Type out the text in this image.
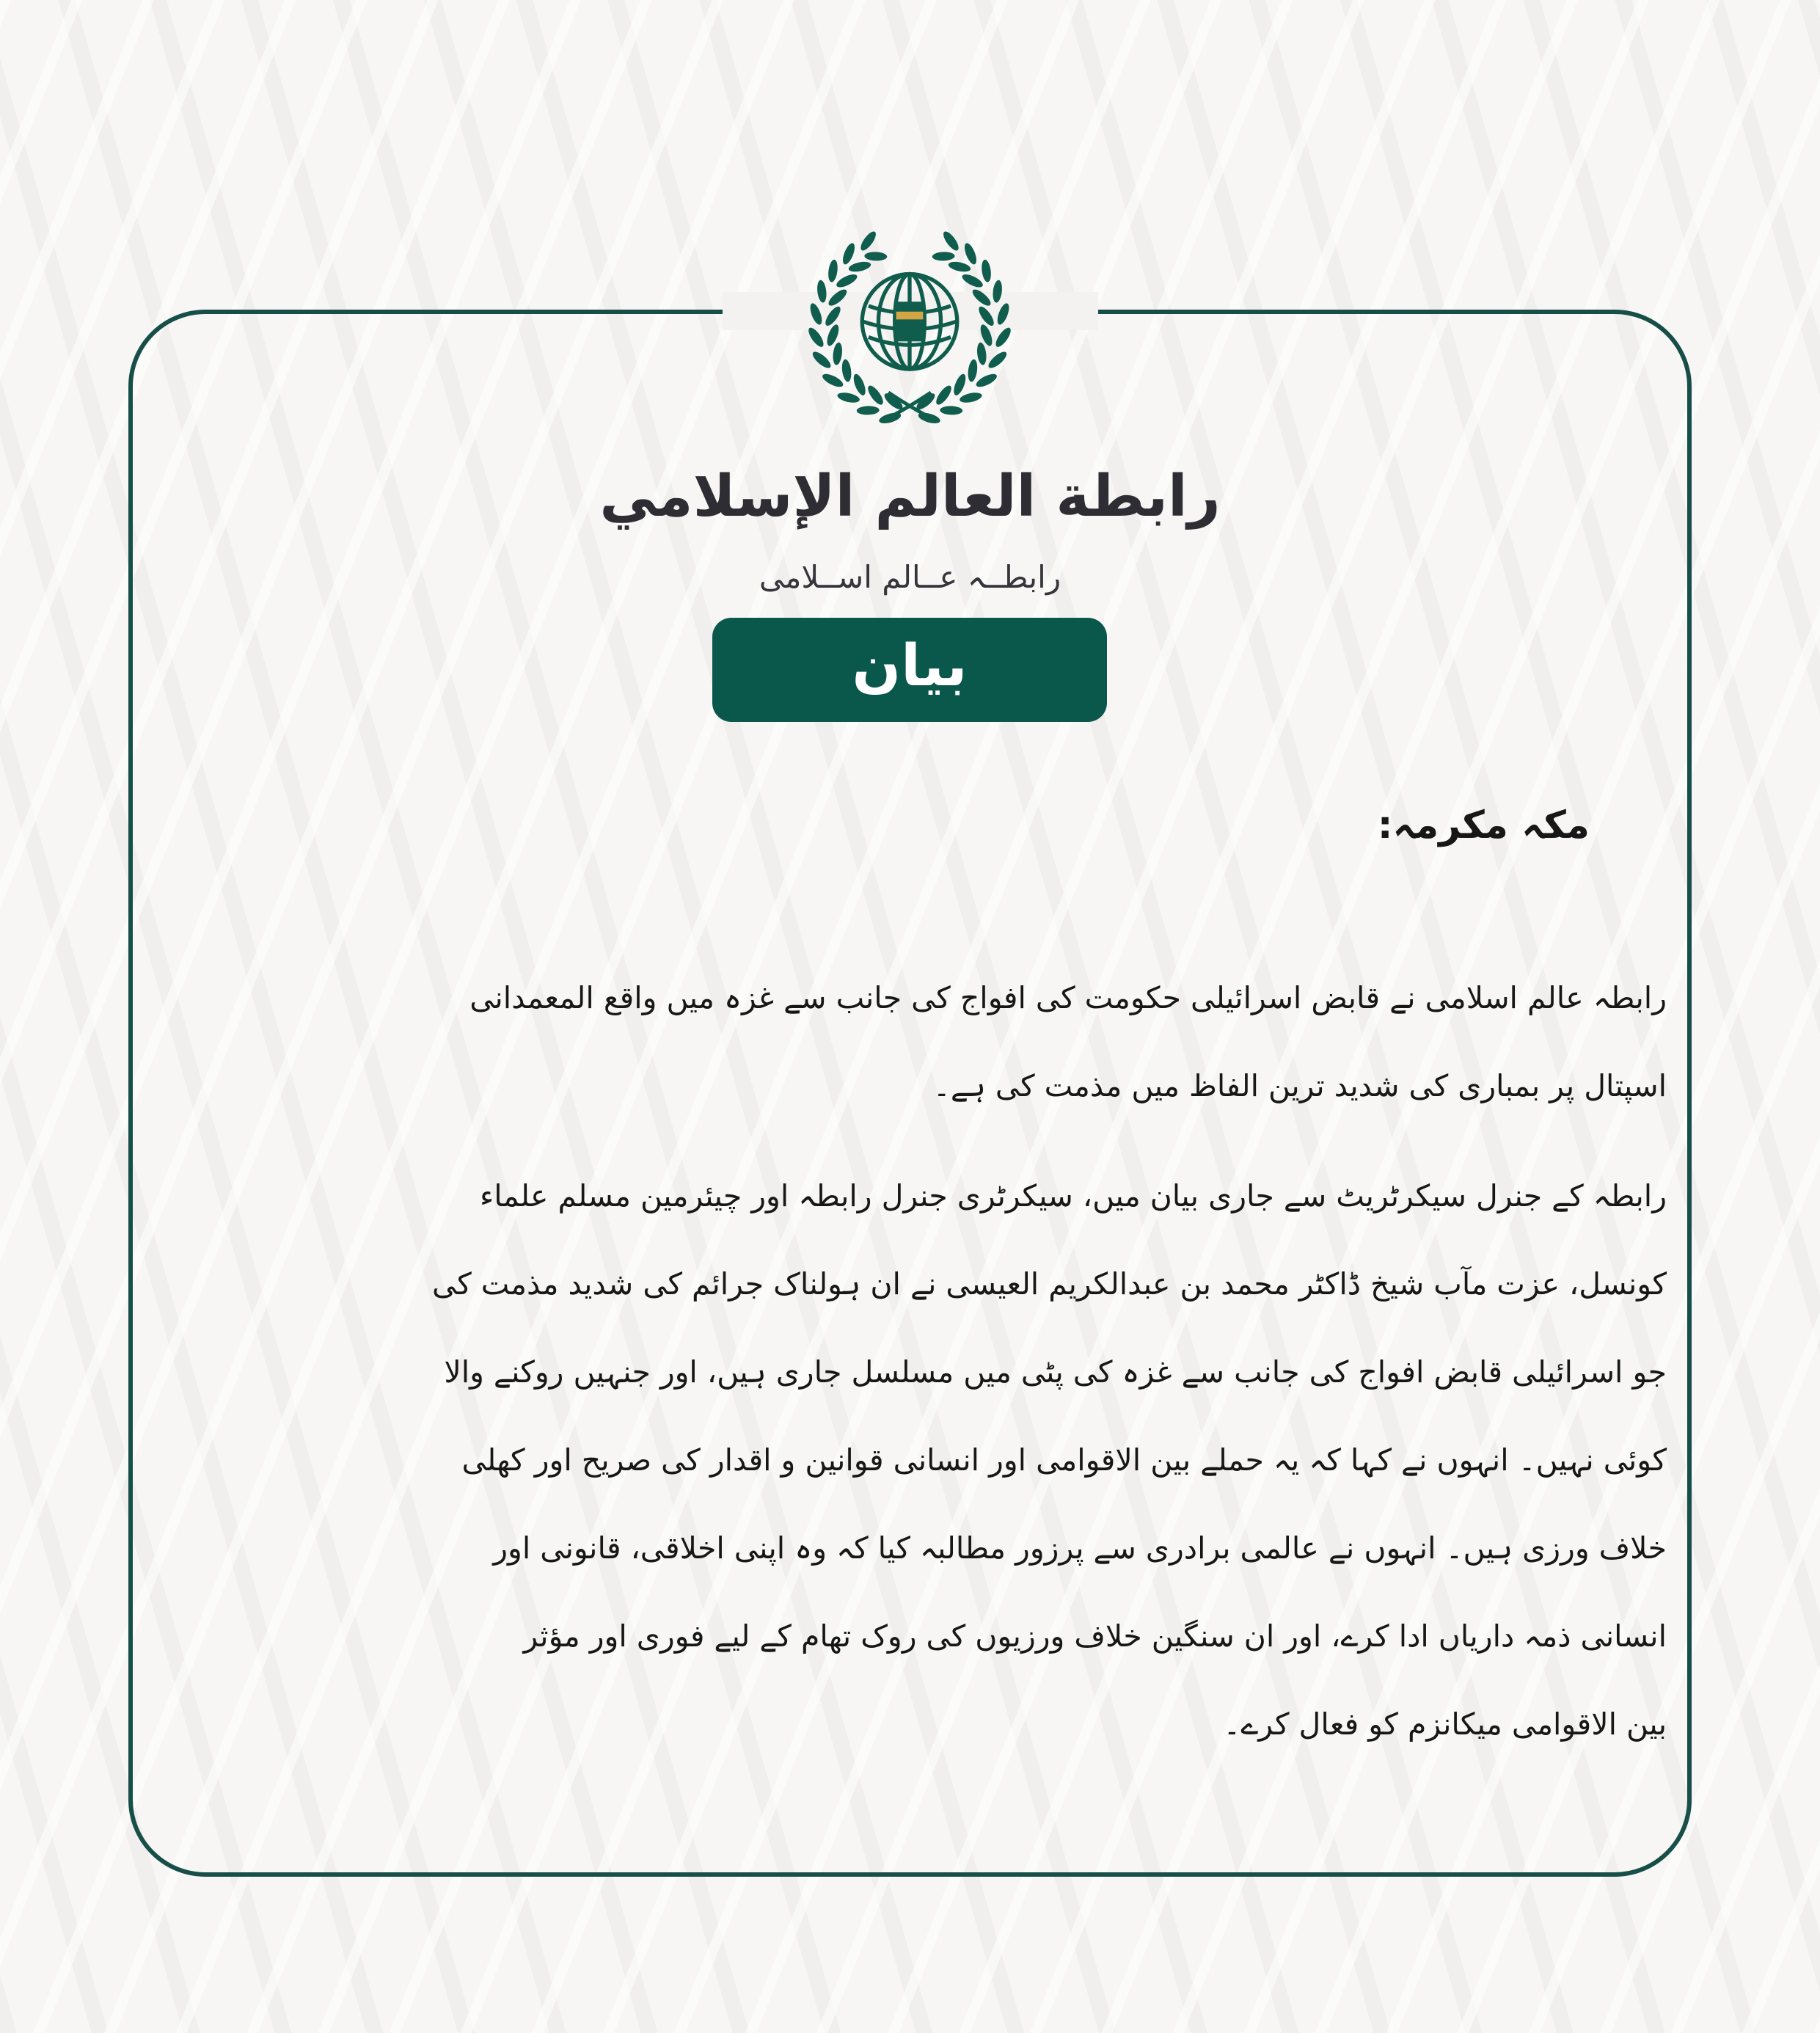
رابطة العالم الإسلامي
رابطــہ عــالم اســلامی
بیان
مکہ مکرمہ:
رابطہ عالم اسلامی نے قابض اسرائیلی حکومت کی افواج کی جانب سے غزہ میں واقع المعمدانی
اسپتال پر بمباری کی شدید ترین الفاظ میں مذمت کی ہے۔
رابطہ کے جنرل سیکرٹریٹ سے جاری بیان میں، سیکرٹری جنرل رابطہ اور چیئرمین مسلم علماء
کونسل، عزت مآب شیخ ڈاکٹر محمد بن عبدالکریم العیسی نے ان ہولناک جرائم کی شدید مذمت کی
جو اسرائیلی قابض افواج کی جانب سے غزہ کی پٹی میں مسلسل جاری ہیں، اور جنہیں روکنے والا
کوئی نہیں۔ انہوں نے کہا کہ یہ حملے بین الاقوامی اور انسانی قوانین و اقدار کی صریح اور کھلی
خلاف ورزی ہیں۔ انہوں نے عالمی برادری سے پرزور مطالبہ کیا کہ وہ اپنی اخلاقی، قانونی اور
انسانی ذمہ داریاں ادا کرے، اور ان سنگین خلاف ورزیوں کی روک تھام کے لیے فوری اور مؤثر
بین الاقوامی میکانزم کو فعال کرے۔
